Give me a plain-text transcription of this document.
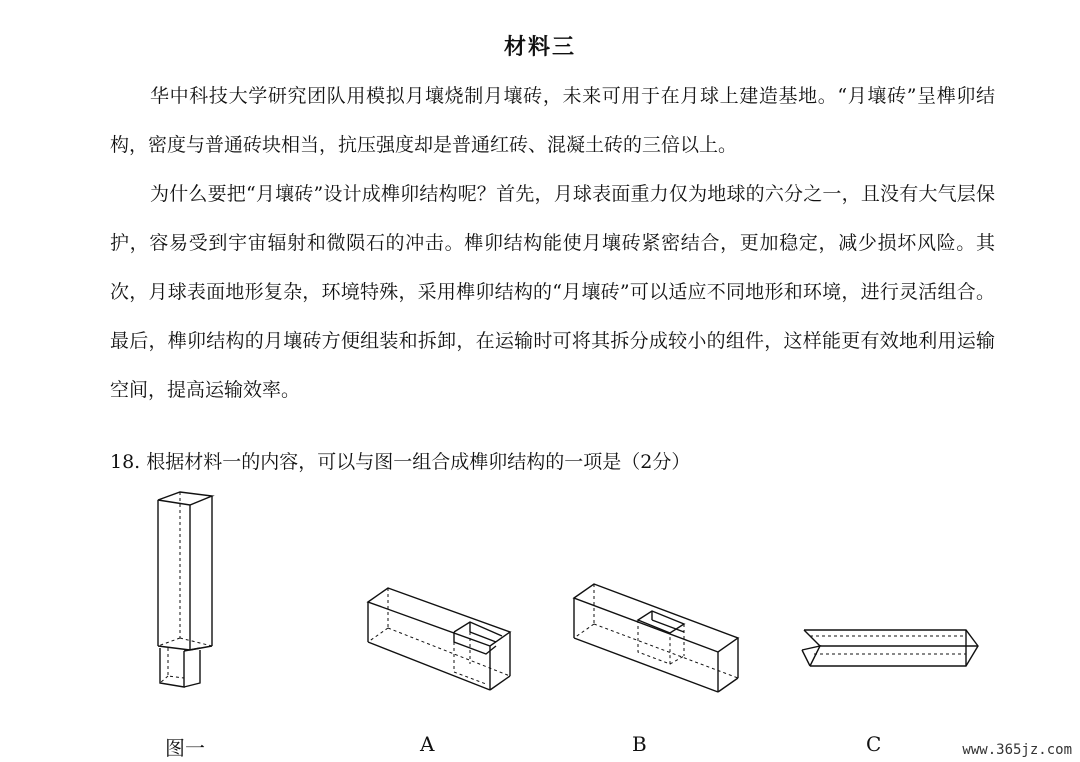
材料三

华中科技大学研究团队用模拟月壤烧制月壤砖，未来可用于在月球上建造基地。“月壤砖”呈榫卯结构，密度与普通砖块相当，抗压强度却是普通红砖、混凝土砖的三倍以上。

为什么要把“月壤砖”设计成榫卯结构呢？首先，月球表面重力仅为地球的六分之一，且没有大气层保护，容易受到宇宙辐射和微陨石的冲击。榫卯结构能使月壤砖紧密结合，更加稳定，减少损坏风险。其次，月球表面地形复杂，环境特殊，采用榫卯结构的“月壤砖”可以适应不同地形和环境，进行灵活组合。最后，榫卯结构的月壤砖方便组装和拆卸，在运输时可将其拆分成较小的组件，这样能更有效地利用运输空间，提高运输效率。

18. 根据材料一的内容，可以与图一组合成榫卯结构的一项是（2分）
图一	A	B	C	www.365jz.com
